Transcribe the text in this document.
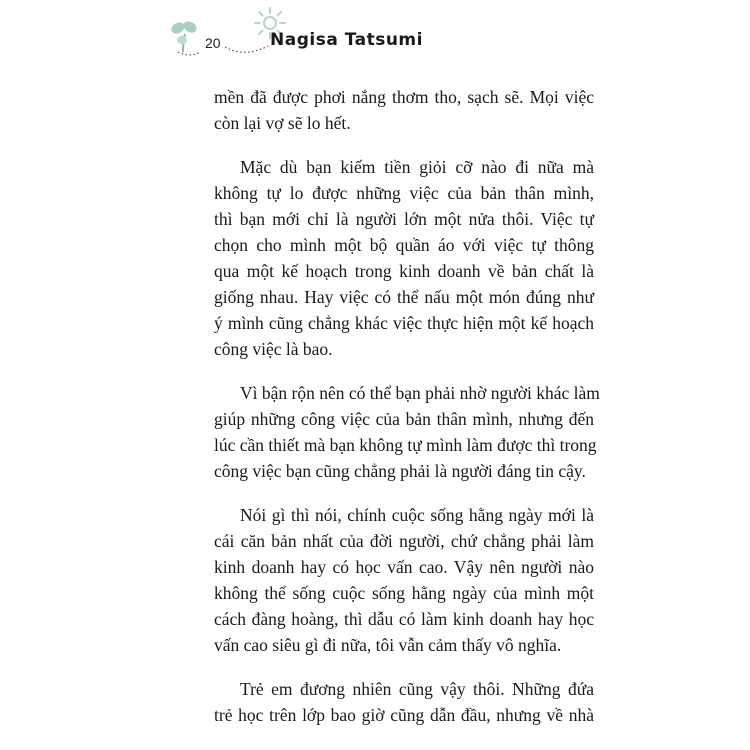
20	Nagisa Tatsumi
mền đã được phơi nắng thơm tho, sạch sẽ. Mọi việc
còn lại vợ sẽ lo hết.
Mặc dù bạn kiếm tiền giỏi cỡ nào đi nữa mà
không tự lo được những việc của bản thân mình,
thì bạn mới chỉ là người lớn một nửa thôi. Việc tự
chọn cho mình một bộ quần áo với việc tự thông
qua một kế hoạch trong kinh doanh về bản chất là
giống nhau. Hay việc có thể nấu một món đúng như
ý mình cũng chẳng khác việc thực hiện một kế hoạch
công việc là bao.
Vì bận rộn nên có thể bạn phải nhờ người khác làm
giúp những công việc của bản thân mình, nhưng đến
lúc cần thiết mà bạn không tự mình làm được thì trong
công việc bạn cũng chẳng phải là người đáng tin cậy.
Nói gì thì nói, chính cuộc sống hằng ngày mới là
cái căn bản nhất của đời người, chứ chẳng phải làm
kinh doanh hay có học vấn cao. Vậy nên người nào
không thể sống cuộc sống hằng ngày của mình một
cách đàng hoàng, thì dẫu có làm kinh doanh hay học
vấn cao siêu gì đi nữa, tôi vẫn cảm thấy vô nghĩa.
Trẻ em đương nhiên cũng vậy thôi. Những đứa
trẻ học trên lớp bao giờ cũng dẫn đầu, nhưng về nhà
